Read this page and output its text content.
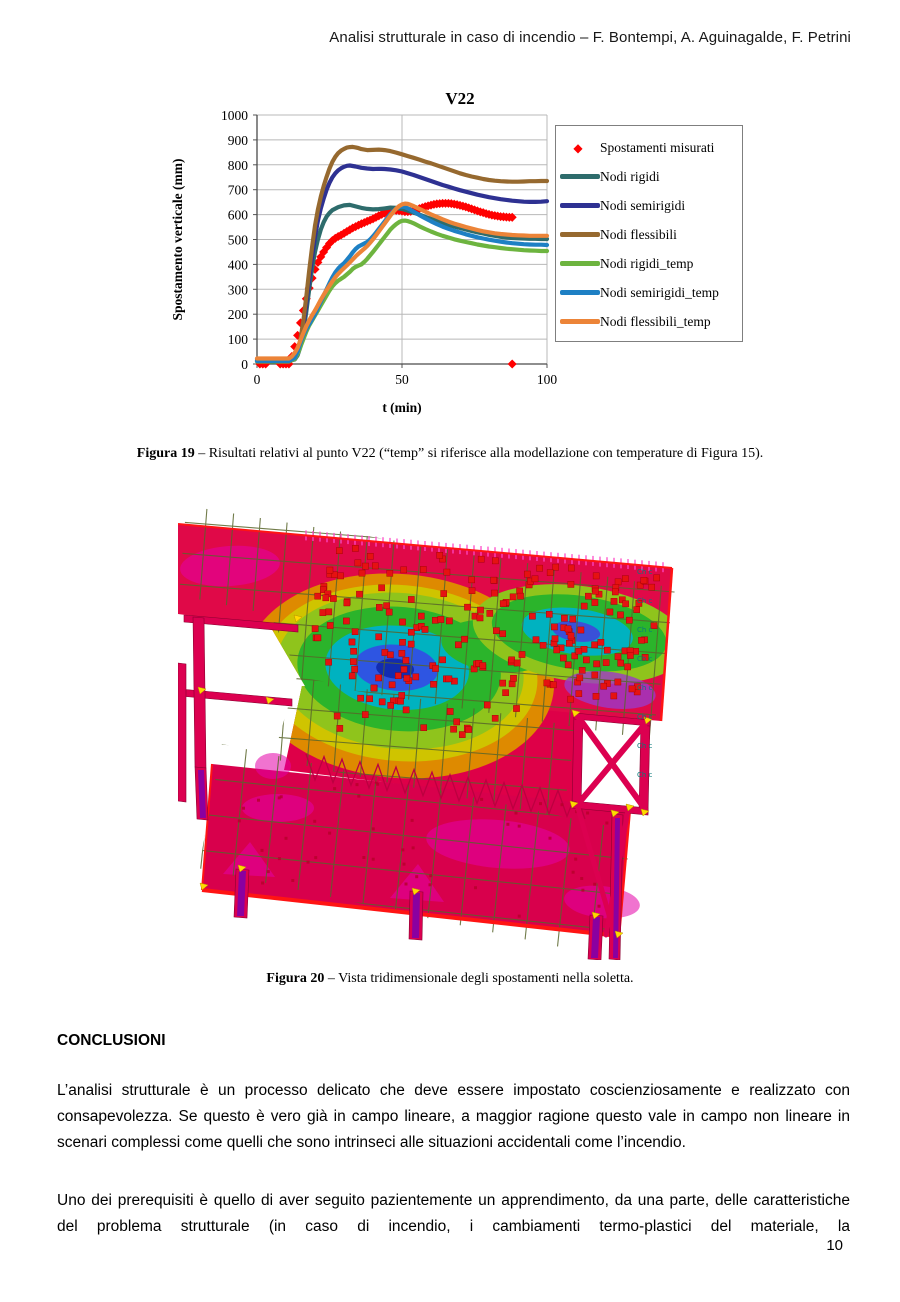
Analisi strutturale in caso di incendio – F. Bontempi, A. Aguinagalde, F. Petrini
0
100
200
300
400
500
600
700
800
900
1000
0	50	100
V22
t (min)
Spostamento verticale (mm)
◆	Spostamenti misurati
Nodi rigidi
Nodi semirigidi
Nodi flessibili
Nodi rigidi_temp
Nodi semirigidi_temp
Nodi flessibili_temp
Figura 19 – Risultati relativi al punto V22 (“temp” si riferisce alla modellazione con temperature di Figura 15).
Ch c
Ch c
Ch c
Ch c
Ch c
Ch c
Ch c
Ch c
Figura 20 – Vista tridimensionale degli spostamenti nella soletta.
CONCLUSIONI

L’analisi strutturale è un processo delicato che deve essere impostato coscienziosamente e realizzato con consapevolezza. Se questo è vero già in campo lineare, a maggior ragione questo vale in campo non lineare in scenari complessi come quelli che sono intrinseci alle situazioni accidentali come l’incendio.

Uno dei prerequisiti è quello di aver seguito pazientemente un apprendimento, da una parte, delle caratteristiche del problema strutturale (in caso di incendio, i cambiamenti termo-plastici del materiale, la

10
